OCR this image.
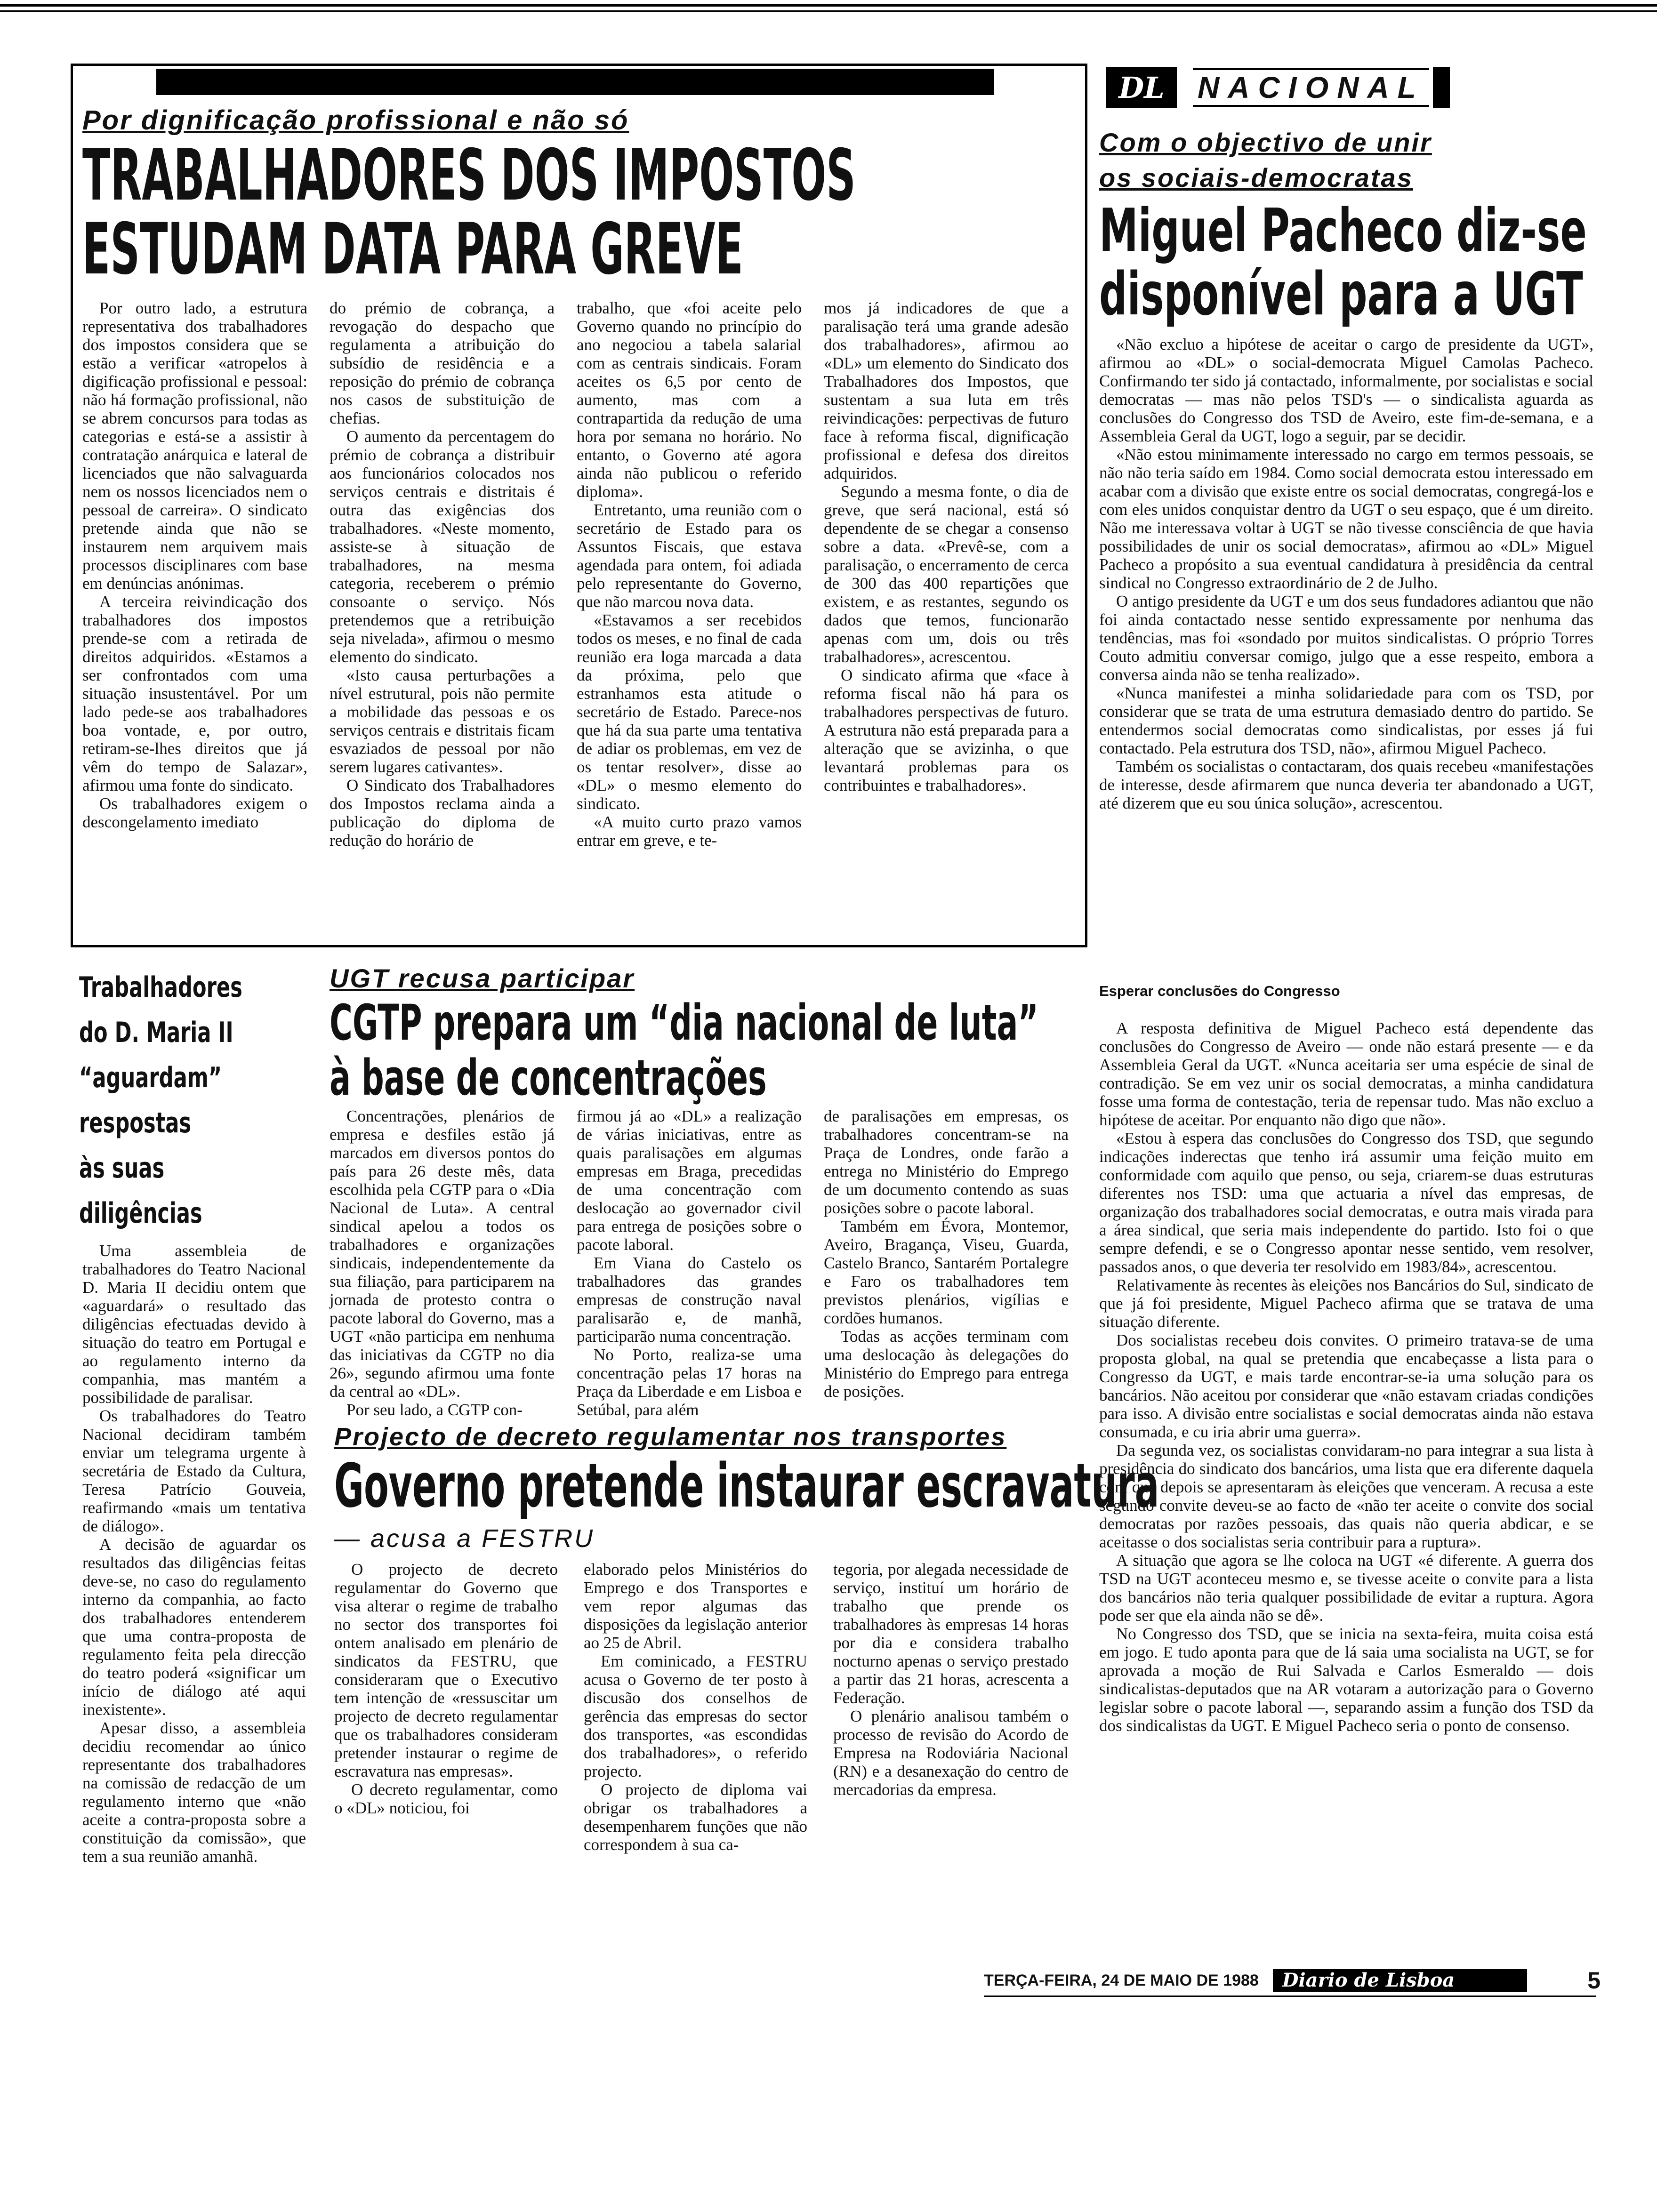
Por dignificação profissional e não só
TRABALHADORES DOS IMPOSTOS
ESTUDAM DATA PARA GREVE

Por outro lado, a estrutura representativa dos trabalhadores dos impostos considera que se estão a verificar «atropelos à digificação profissional e pessoal: não há formação profissional, não se abrem concursos para todas as categorias e está-se a assistir à contratação anárquica e lateral de licenciados que não salvaguarda nem os nossos licenciados nem o pessoal de carreira». O sindicato pretende ainda que não se instaurem nem arquivem mais processos disciplinares com base em denúncias anónimas.

A terceira reivindicação dos trabalhadores dos impostos prende-se com a retirada de direitos adquiridos. «Estamos a ser confrontados com uma situação insustentável. Por um lado pede-se aos trabalhadores boa vontade, e, por outro, retiram-se-lhes direitos que já vêm do tempo de Salazar», afirmou uma fonte do sindicato.

Os trabalhadores exigem o descongelamento imediato

do prémio de cobrança, a revogação do despacho que regulamenta a atribuição do subsídio de residência e a reposição do prémio de cobrança nos casos de substituição de chefias.

O aumento da percentagem do prémio de cobrança a distribuir aos funcionários colocados nos serviços centrais e distritais é outra das exigências dos trabalhadores. «Neste momento, assiste-se à situação de trabalhadores, na mesma categoria, receberem o prémio consoante o serviço. Nós pretendemos que a retribuição seja nivelada», afirmou o mesmo elemento do sindicato.

«Isto causa perturbações a nível estrutural, pois não permite a mobilidade das pessoas e os serviços centrais e distritais ficam esvaziados de pessoal por não serem lugares cativantes».

O Sindicato dos Trabalhadores dos Impostos reclama ainda a publicação do diploma de redução do horário de

trabalho, que «foi aceite pelo Governo quando no princípio do ano negociou a tabela salarial com as centrais sindicais. Foram aceites os 6,5 por cento de aumento, mas com a contrapartida da redução de uma hora por semana no horário. No entanto, o Governo até agora ainda não publicou o referido diploma».

Entretanto, uma reunião com o secretário de Estado para os Assuntos Fiscais, que estava agendada para ontem, foi adiada pelo representante do Governo, que não marcou nova data.

«Estavamos a ser recebidos todos os meses, e no final de cada reunião era loga marcada a data da próxima, pelo que estranhamos esta atitude o secretário de Estado. Parece-nos que há da sua parte uma tentativa de adiar os problemas, em vez de os tentar resolver», disse ao «DL» o mesmo elemento do sindicato.

«A muito curto prazo vamos entrar em greve, e te-

mos já indicadores de que a paralisação terá uma grande adesão dos trabalhadores», afirmou ao «DL» um elemento do Sindicato dos Trabalhadores dos Impostos, que sustentam a sua luta em três reivindicações: perpectivas de futuro face à reforma fiscal, dignificação profissional e defesa dos direitos adquiridos.

Segundo a mesma fonte, o dia de greve, que será nacional, está só dependente de se chegar a consenso sobre a data. «Prevê-se, com a paralisação, o encerramento de cerca de 300 das 400 repartições que existem, e as restantes, segundo os dados que temos, funcionarão apenas com um, dois ou três trabalhadores», acrescentou.

O sindicato afirma que «face à reforma fiscal não há para os trabalhadores perspectivas de futuro. A estrutura não está preparada para a alteração que se avizinha, o que levantará problemas para os contribuintes e trabalhadores».

DL NACIONAL
Com o objectivo de unir
os sociais-democratas
Miguel Pacheco diz-se
disponível para a UGT

«Não excluo a hipótese de aceitar o cargo de presidente da UGT», afirmou ao «DL» o social-democrata Miguel Camolas Pacheco. Confirmando ter sido já contactado, informalmente, por socialistas e social democratas — mas não pelos TSD's — o sindicalista aguarda as conclusões do Congresso dos TSD de Aveiro, este fim-de-semana, e a Assembleia Geral da UGT, logo a seguir, par se decidir.

«Não estou minimamente interessado no cargo em termos pessoais, se não não teria saído em 1984. Como social democrata estou interessado em acabar com a divisão que existe entre os social democratas, congregá-los e com eles unidos conquistar dentro da UGT o seu espaço, que é um direito. Não me interessava voltar à UGT se não tivesse consciência de que havia possibilidades de unir os social democratas», afirmou ao «DL» Miguel Pacheco a propósito a sua eventual candidatura à presidência da central sindical no Congresso extraordinário de 2 de Julho.

O antigo presidente da UGT e um dos seus fundadores adiantou que não foi ainda contactado nesse sentido expressamente por nenhuma das tendências, mas foi «sondado por muitos sindicalistas. O próprio Torres Couto admitiu conversar comigo, julgo que a esse respeito, embora a conversa ainda não se tenha realizado».

«Nunca manifestei a minha solidariedade para com os TSD, por considerar que se trata de uma estrutura demasiado dentro do partido. Se entendermos social democratas como sindicalistas, por esses já fui contactado. Pela estrutura dos TSD, não», afirmou Miguel Pacheco.

Também os socialistas o contactaram, dos quais recebeu «manifestações de interesse, desde afirmarem que nunca deveria ter abandonado a UGT, até dizerem que eu sou única solução», acrescentou.

Esperar conclusões do Congresso

A resposta definitiva de Miguel Pacheco está dependente das conclusões do Congresso de Aveiro — onde não estará presente — e da Assembleia Geral da UGT. «Nunca aceitaria ser uma espécie de sinal de contradição. Se em vez unir os social democratas, a minha candidatura fosse uma forma de contestação, teria de repensar tudo. Mas não excluo a hipótese de aceitar. Por enquanto não digo que não».

«Estou à espera das conclusões do Congresso dos TSD, que segundo indicações inderectas que tenho irá assumir uma feição muito em conformidade com aquilo que penso, ou seja, criarem-se duas estruturas diferentes nos TSD: uma que actuaria a nível das empresas, de organização dos trabalhadores social democratas, e outra mais virada para a área sindical, que seria mais independente do partido. Isto foi o que sempre defendi, e se o Congresso apontar nesse sentido, vem resolver, passados anos, o que deveria ter resolvido em 1983/84», acrescentou.

Relativamente às recentes às eleições nos Bancários do Sul, sindicato de que já foi presidente, Miguel Pacheco afirma que se tratava de uma situação diferente.

Dos socialistas recebeu dois convites. O primeiro tratava-se de uma proposta global, na qual se pretendia que encabeçasse a lista para o Congresso da UGT, e mais tarde encontrar-se-ia uma solução para os bancários. Não aceitou por considerar que «não estavam criadas condições para isso. A divisão entre socialistas e social democratas ainda não estava consumada, e cu iria abrir uma guerra».

Da segunda vez, os socialistas convidaram-no para integrar a sua lista à presidência do sindicato dos bancários, uma lista que era diferente daquela com que depois se apresentaram às eleições que venceram. A recusa a este segundo convite deveu-se ao facto de «não ter aceite o convite dos social democratas por razões pessoais, das quais não queria abdicar, e se aceitasse o dos socialistas seria contribuir para a ruptura».

A situação que agora se lhe coloca na UGT «é diferente. A guerra dos TSD na UGT aconteceu mesmo e, se tivesse aceite o convite para a lista dos bancários não teria qualquer possibilidade de evitar a ruptura. Agora pode ser que ela ainda não se dê».

No Congresso dos TSD, que se inicia na sexta-feira, muita coisa está em jogo. E tudo aponta para que de lá saia uma socialista na UGT, se for aprovada a moção de Rui Salvada e Carlos Esmeraldo — dois sindicalistas-deputados que na AR votaram a autorização para o Governo legislar sobre o pacote laboral —, separando assim a função dos TSD da dos sindicalistas da UGT. E Miguel Pacheco seria o ponto de consenso.

Trabalhadores
do D. Maria II
“aguardam”
respostas
às suas
diligências

Uma assembleia de trabalhadores do Teatro Nacional D. Maria II decidiu ontem que «aguardará» o resultado das diligências efectuadas devido à situação do teatro em Portugal e ao regulamento interno da companhia, mas mantém a possibilidade de paralisar.

Os trabalhadores do Teatro Nacional decidiram também enviar um telegrama urgente à secretária de Estado da Cultura, Teresa Patrício Gouveia, reafirmando «mais um tentativa de diálogo».

A decisão de aguardar os resultados das diligências feitas deve-se, no caso do regulamento interno da companhia, ao facto dos trabalhadores entenderem que uma contra-proposta de regulamento feita pela direcção do teatro poderá «significar um início de diálogo até aqui inexistente».

Apesar disso, a assembleia decidiu recomendar ao único representante dos trabalhadores na comissão de redacção de um regulamento interno que «não aceite a contra-proposta sobre a constituição da comissão», que tem a sua reunião amanhã.

UGT recusa participar
CGTP prepara um “dia nacional de luta”
à base de concentrações

Concentrações, plenários de empresa e desfiles estão já marcados em diversos pontos do país para 26 deste mês, data escolhida pela CGTP para o «Dia Nacional de Luta». A central sindical apelou a todos os trabalhadores e organizações sindicais, independentemente da sua filiação, para participarem na jornada de protesto contra o pacote laboral do Governo, mas a UGT «não participa em nenhuma das iniciativas da CGTP no dia 26», segundo afirmou uma fonte da central ao «DL».

Por seu lado, a CGTP con-

firmou já ao «DL» a realização de várias iniciativas, entre as quais paralisações em algumas empresas em Braga, precedidas de uma concentração com deslocação ao governador civil para entrega de posições sobre o pacote laboral.

Em Viana do Castelo os trabalhadores das grandes empresas de construção naval paralisarão e, de manhã, participarão numa concentração.

No Porto, realiza-se uma concentração pelas 17 horas na Praça da Liberdade e em Lisboa e Setúbal, para além

de paralisações em empresas, os trabalhadores concentram-se na Praça de Londres, onde farão a entrega no Ministério do Emprego de um documento contendo as suas posições sobre o pacote laboral.

Também em Évora, Montemor, Aveiro, Bragança, Viseu, Guarda, Castelo Branco, Santarém Portalegre e Faro os trabalhadores tem previstos plenários, vigílias e cordões humanos.

Todas as acções terminam com uma deslocação às delegações do Ministério do Emprego para entrega de posições.

Projecto de decreto regulamentar nos transportes
Governo pretende instaurar escravatura
— acusa a FESTRU

O projecto de decreto regulamentar do Governo que visa alterar o regime de trabalho no sector dos transportes foi ontem analisado em plenário de sindicatos da FESTRU, que consideraram que o Executivo tem intenção de «ressuscitar um projecto de decreto regulamentar que os trabalhadores consideram pretender instaurar o regime de escravatura nas empresas».

O decreto regulamentar, como o «DL» noticiou, foi

elaborado pelos Ministérios do Emprego e dos Transportes e vem repor algumas das disposições da legislação anterior ao 25 de Abril.

Em cominicado, a FESTRU acusa o Governo de ter posto à discusão dos conselhos de gerência das empresas do sector dos transportes, «as escondidas dos trabalhadores», o referido projecto.

O projecto de diploma vai obrigar os trabalhadores a desempenharem funções que não correspondem à sua ca-

tegoria, por alegada necessidade de serviço, instituí um horário de trabalho que prende os trabalhadores às empresas 14 horas por dia e considera trabalho nocturno apenas o serviço prestado a partir das 21 horas, acrescenta a Federação.

O plenário analisou também o processo de revisão do Acordo de Empresa na Rodoviária Nacional (RN) e a desanexação do centro de mercadorias da empresa.

TERÇA-FEIRA, 24 DE MAIO DE 1988	Diario de Lisboa	5
